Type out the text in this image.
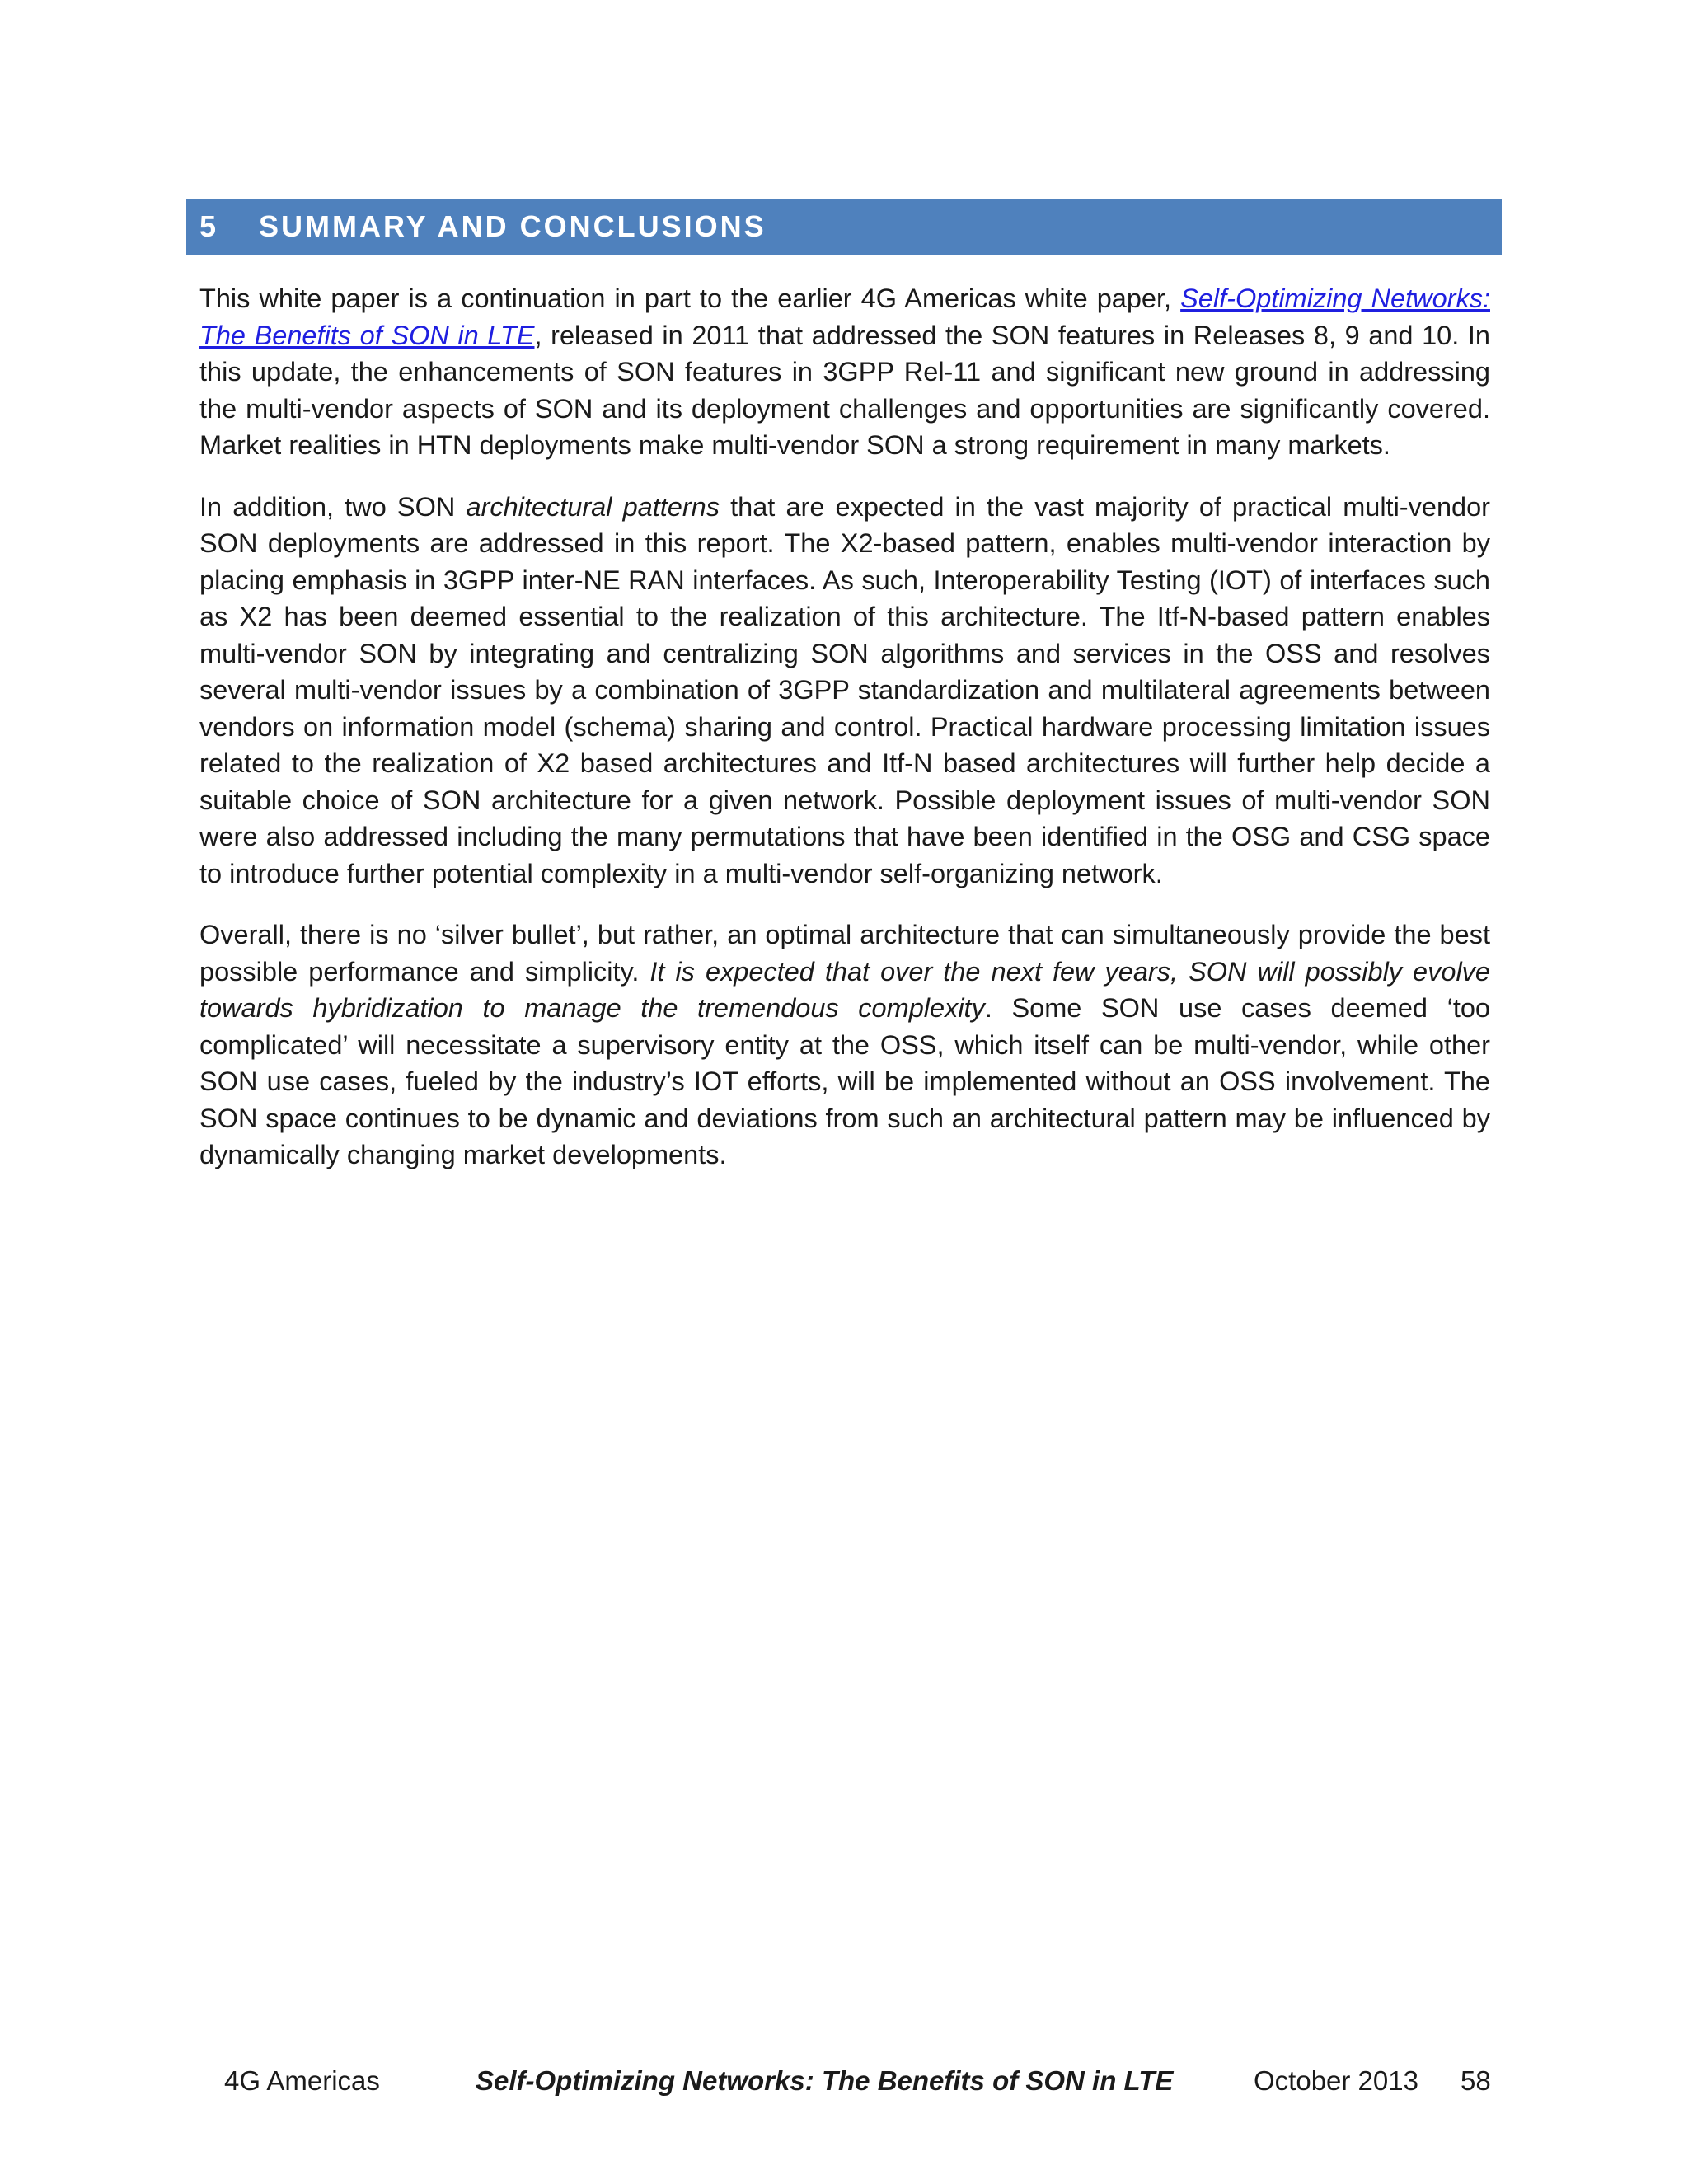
5	SUMMARY AND CONCLUSIONS

This white paper is a continuation in part to the earlier 4G Americas white paper, Self-Optimizing Networks: The Benefits of SON in LTE, released in 2011 that addressed the SON features in Releases 8, 9 and 10. In this update, the enhancements of SON features in 3GPP Rel-11 and significant new ground in addressing the multi-vendor aspects of SON and its deployment challenges and opportunities are significantly covered. Market realities in HTN deployments make multi-vendor SON a strong requirement in many markets.

In addition, two SON architectural patterns that are expected in the vast majority of practical multi-vendor SON deployments are addressed in this report. The X2-based pattern, enables multi-vendor interaction by placing emphasis in 3GPP inter-NE RAN interfaces. As such, Interoperability Testing (IOT) of interfaces such as X2 has been deemed essential to the realization of this architecture. The Itf-N-based pattern enables multi-vendor SON by integrating and centralizing SON algorithms and services in the OSS and resolves several multi-vendor issues by a combination of 3GPP standardization and multilateral agreements between vendors on information model (schema) sharing and control. Practical hardware processing limitation issues related to the realization of X2 based architectures and Itf-N based architectures will further help decide a suitable choice of SON architecture for a given network. Possible deployment issues of multi-vendor SON were also addressed including the many permutations that have been identified in the OSG and CSG space to introduce further potential complexity in a multi-vendor self-organizing network.

Overall, there is no ‘silver bullet’, but rather, an optimal architecture that can simultaneously provide the best possible performance and simplicity. It is expected that over the next few years, SON will possibly evolve towards hybridization to manage the tremendous complexity. Some SON use cases deemed ‘too complicated’ will necessitate a supervisory entity at the OSS, which itself can be multi-vendor, while other SON use cases, fueled by the industry’s IOT efforts, will be implemented without an OSS involvement. The SON space continues to be dynamic and deviations from such an architectural pattern may be influenced by dynamically changing market developments.

4G Americas	Self-Optimizing Networks: The Benefits of SON in LTE	October 2013 58
